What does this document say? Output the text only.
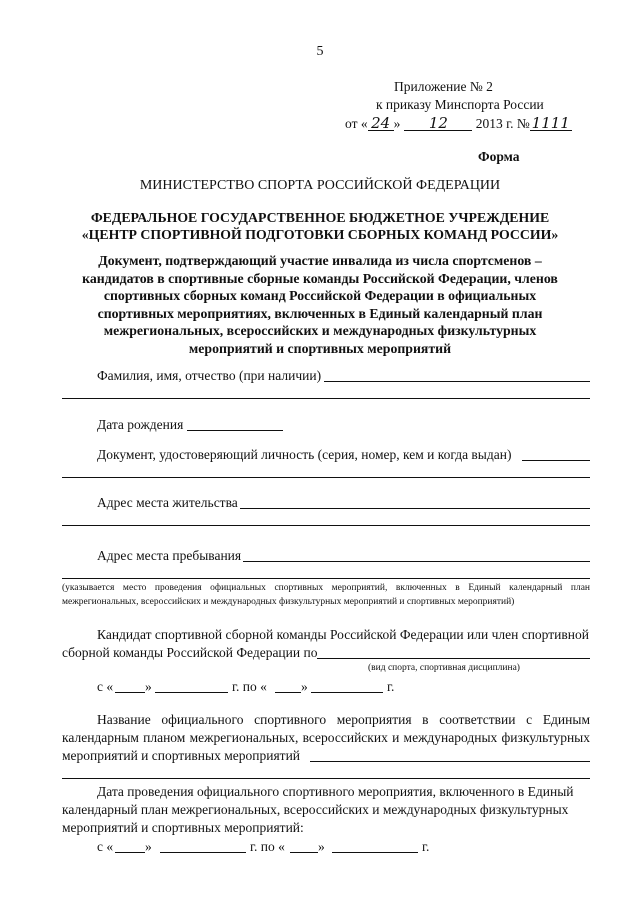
5
Приложение № 2
к приказу Минспорта России
от « 24 » 12 2013 г. № 1111
Форма
МИНИСТЕРСТВО СПОРТА РОССИЙСКОЙ ФЕДЕРАЦИИ
ФЕДЕРАЛЬНОЕ ГОСУДАРСТВЕННОЕ БЮДЖЕТНОЕ УЧРЕЖДЕНИЕ
«ЦЕНТР СПОРТИВНОЙ ПОДГОТОВКИ СБОРНЫХ КОМАНД РОССИИ»
Документ, подтверждающий участие инвалида из числа спортсменов –
кандидатов в спортивные сборные команды Российской Федерации, членов
спортивных сборных команд Российской Федерации в официальных
спортивных мероприятиях, включенных в Единый календарный план
межрегиональных, всероссийских и международных физкультурных
мероприятий и спортивных мероприятий
Фамилия, имя, отчество (при наличии)
Дата рождения
Документ, удостоверяющий личность (серия, номер, кем и когда выдан)
Адрес места жительства
Адрес места пребывания
(указывается место проведения официальных спортивных мероприятий, включенных в Единый календарный план
межрегиональных, всероссийских и международных физкультурных мероприятий и спортивных мероприятий)
Кандидат спортивной сборной команды Российской Федерации или член спортивной
сборной команды Российской Федерации по
(вид спорта, спортивная дисциплина)
с « »	г. по «	»	г.
Название официального спортивного мероприятия в соответствии с Единым
календарным планом межрегиональных, всероссийских и международных физкультурных
мероприятий и спортивных мероприятий
Дата проведения официального спортивного мероприятия, включенного в Единый
календарный план межрегиональных, всероссийских и международных физкультурных
мероприятий и спортивных мероприятий:
с « »	г. по « »	г.
